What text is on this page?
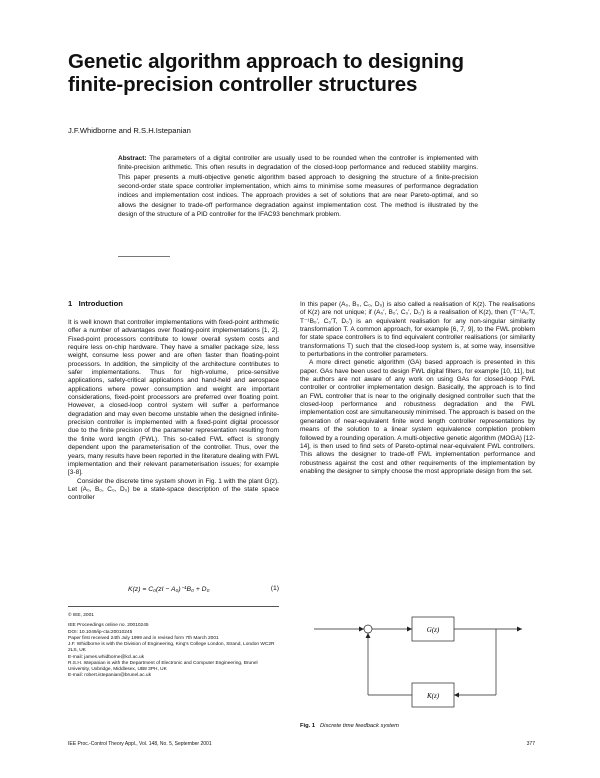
Genetic algorithm approach to designing finite-precision controller structures

J.F.Whidborne and R.S.H.Istepanian

Abstract: The parameters of a digital controller are usually used to be rounded when the controller is implemented with finite-precision arithmetic. This often results in degradation of the closed-loop performance and reduced stability margins. This paper presents a multi-objective genetic algorithm based approach to designing the structure of a finite-precision second-order state space controller implementation, which aims to minimise some measures of performance degradation indices and implementation cost indices. The approach provides a set of solutions that are near Pareto-optimal, and so allows the designer to trade-off performance degradation against implementation cost. The method is illustrated by the design of the structure of a PID controller for the IFAC93 benchmark problem.

1 Introduction

It is well known that controller implementations with fixed-point arithmetic offer a number of advantages over floating-point implementations [1, 2]. Fixed-point processors contribute to lower overall system costs and require less on-chip hardware. They have a smaller package size, less weight, consume less power and are often faster than floating-point processors. In addition, the simplicity of the architecture contributes to safer implementations. Thus for high-volume, price-sensitive applications, safety-critical applications and hand-held and aerospace applications where power consumption and weight are important considerations, fixed-point processors are preferred over floating point. However, a closed-loop control system will suffer a performance degradation and may even become unstable when the designed infinite-precision controller is implemented with a fixed-point digital processor due to the finite precision of the parameter representation resulting from the finite word length (FWL). This so-called FWL effect is strongly dependent upon the parameterisation of the controller. Thus, over the years, many results have been reported in the literature dealing with FWL implementation and their relevant parameterisation issues; for example [3-8].

Consider the discrete time system shown in Fig. 1 with the plant G(z). Let (A₀, B₀, C₀, D₀) be a state-space description of the state space controller

K(z) = C₀(zI − A₀)⁻¹B₀ + D₀	(1)
© IEE, 2001
IEE Proceedings online no. 20010245
DOI: 10.1049/ip-cta:20010245
Paper first received 24th July 1999 and in revised form 7th March 2001
J.F. Whidborne is with the Division of Engineering, King's College London, Strand, London WC2R 2LS, UK
E-mail: james.whidborne@kcl.ac.uk
R.S.H. Istepanian is with the Department of Electronic and Computer Engineering, Brunel University, Uxbridge, Middlesex, UB8 3PH, UK
E-mail: robert.istepanian@brunel.ac.uk

In this paper (A₀, B₀, C₀, D₀) is also called a realisation of K(z). The realisations of K(z) are not unique; if (A₀′, B₀′, C₀′, D₀′) is a realisation of K(z), then (T⁻¹A₀′T, T⁻¹B₀′, C₀′T, D₀′) is an equivalent realisation for any non-singular similarity transformation T. A common approach, for example [6, 7, 9], to the FWL problem for state space controllers is to find equivalent controller realisations (or similarity transformations T) such that the closed-loop system is, at some way, insensitive to perturbations in the controller parameters.

A more direct genetic algorithm (GA) based approach is presented in this paper. GAs have been used to design FWL digital filters, for example [10, 11], but the authors are not aware of any work on using GAs for closed-loop FWL controller or controller implementation design. Basically, the approach is to find an FWL controller that is near to the originally designed controller such that the closed-loop performance and robustness degradation and the FWL implementation cost are simultaneously minimised. The approach is based on the generation of near-equivalent finite word length controller representations by means of the solution to a linear system equivalence completion problem followed by a rounding operation. A multi-objective genetic algorithm (MOGA) [12-14], is then used to find sets of Pareto-optimal near-equivalent FWL controllers. This allows the designer to trade-off FWL implementation performance and robustness against the cost and other requirements of the implementation by enabling the designer to simply choose the most appropriate design from the set.

G(z)
K(z)

Fig. 1 Discrete time feedback system

IEE Proc.-Control Theory Appl., Vol. 148, No. 5, September 2001	377
